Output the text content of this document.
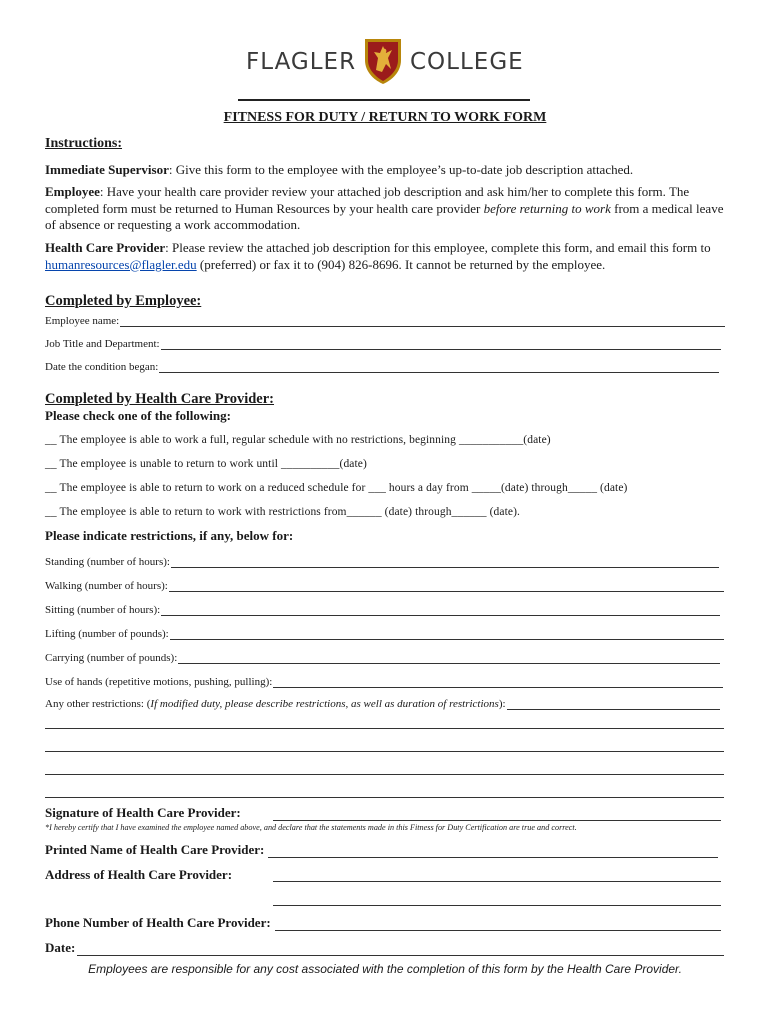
FLAGLER COLLEGE
FITNESS FOR DUTY / RETURN TO WORK FORM
Instructions:
Immediate Supervisor: Give this form to the employee with the employee’s up-to-date job description attached.
Employee: Have your health care provider review your attached job description and ask him/her to complete this form. The completed form must be returned to Human Resources by your health care provider before returning to work from a medical leave of absence or requesting a work accommodation.
Health Care Provider: Please review the attached job description for this employee, complete this form, and email this form to humanresources@flagler.edu (preferred) or fax it to (904) 826-8696. It cannot be returned by the employee.
Completed by Employee:
Employee name:
Job Title and Department:
Date the condition began:
Completed by Health Care Provider:
Please check one of the following:
__ The employee is able to work a full, regular schedule with no restrictions, beginning ___________(date)
__ The employee is unable to return to work until __________(date)
__ The employee is able to return to work on a reduced schedule for ___ hours a day from _____(date) through_____ (date)
__ The employee is able to return to work with restrictions from______ (date) through______ (date).
Please indicate restrictions, if any, below for:
Standing (number of hours):
Walking (number of hours):
Sitting (number of hours):
Lifting (number of pounds):
Carrying (number of pounds):
Use of hands (repetitive motions, pushing, pulling):
Any other restrictions: (If modified duty, please describe restrictions, as well as duration of restrictions):
Signature of Health Care Provider:
*I hereby certify that I have examined the employee named above, and declare that the statements made in this Fitness for Duty Certification are true and correct.
Printed Name of Health Care Provider:
Address of Health Care Provider:
Phone Number of Health Care Provider:
Date:
Employees are responsible for any cost associated with the completion of this form by the Health Care Provider.
